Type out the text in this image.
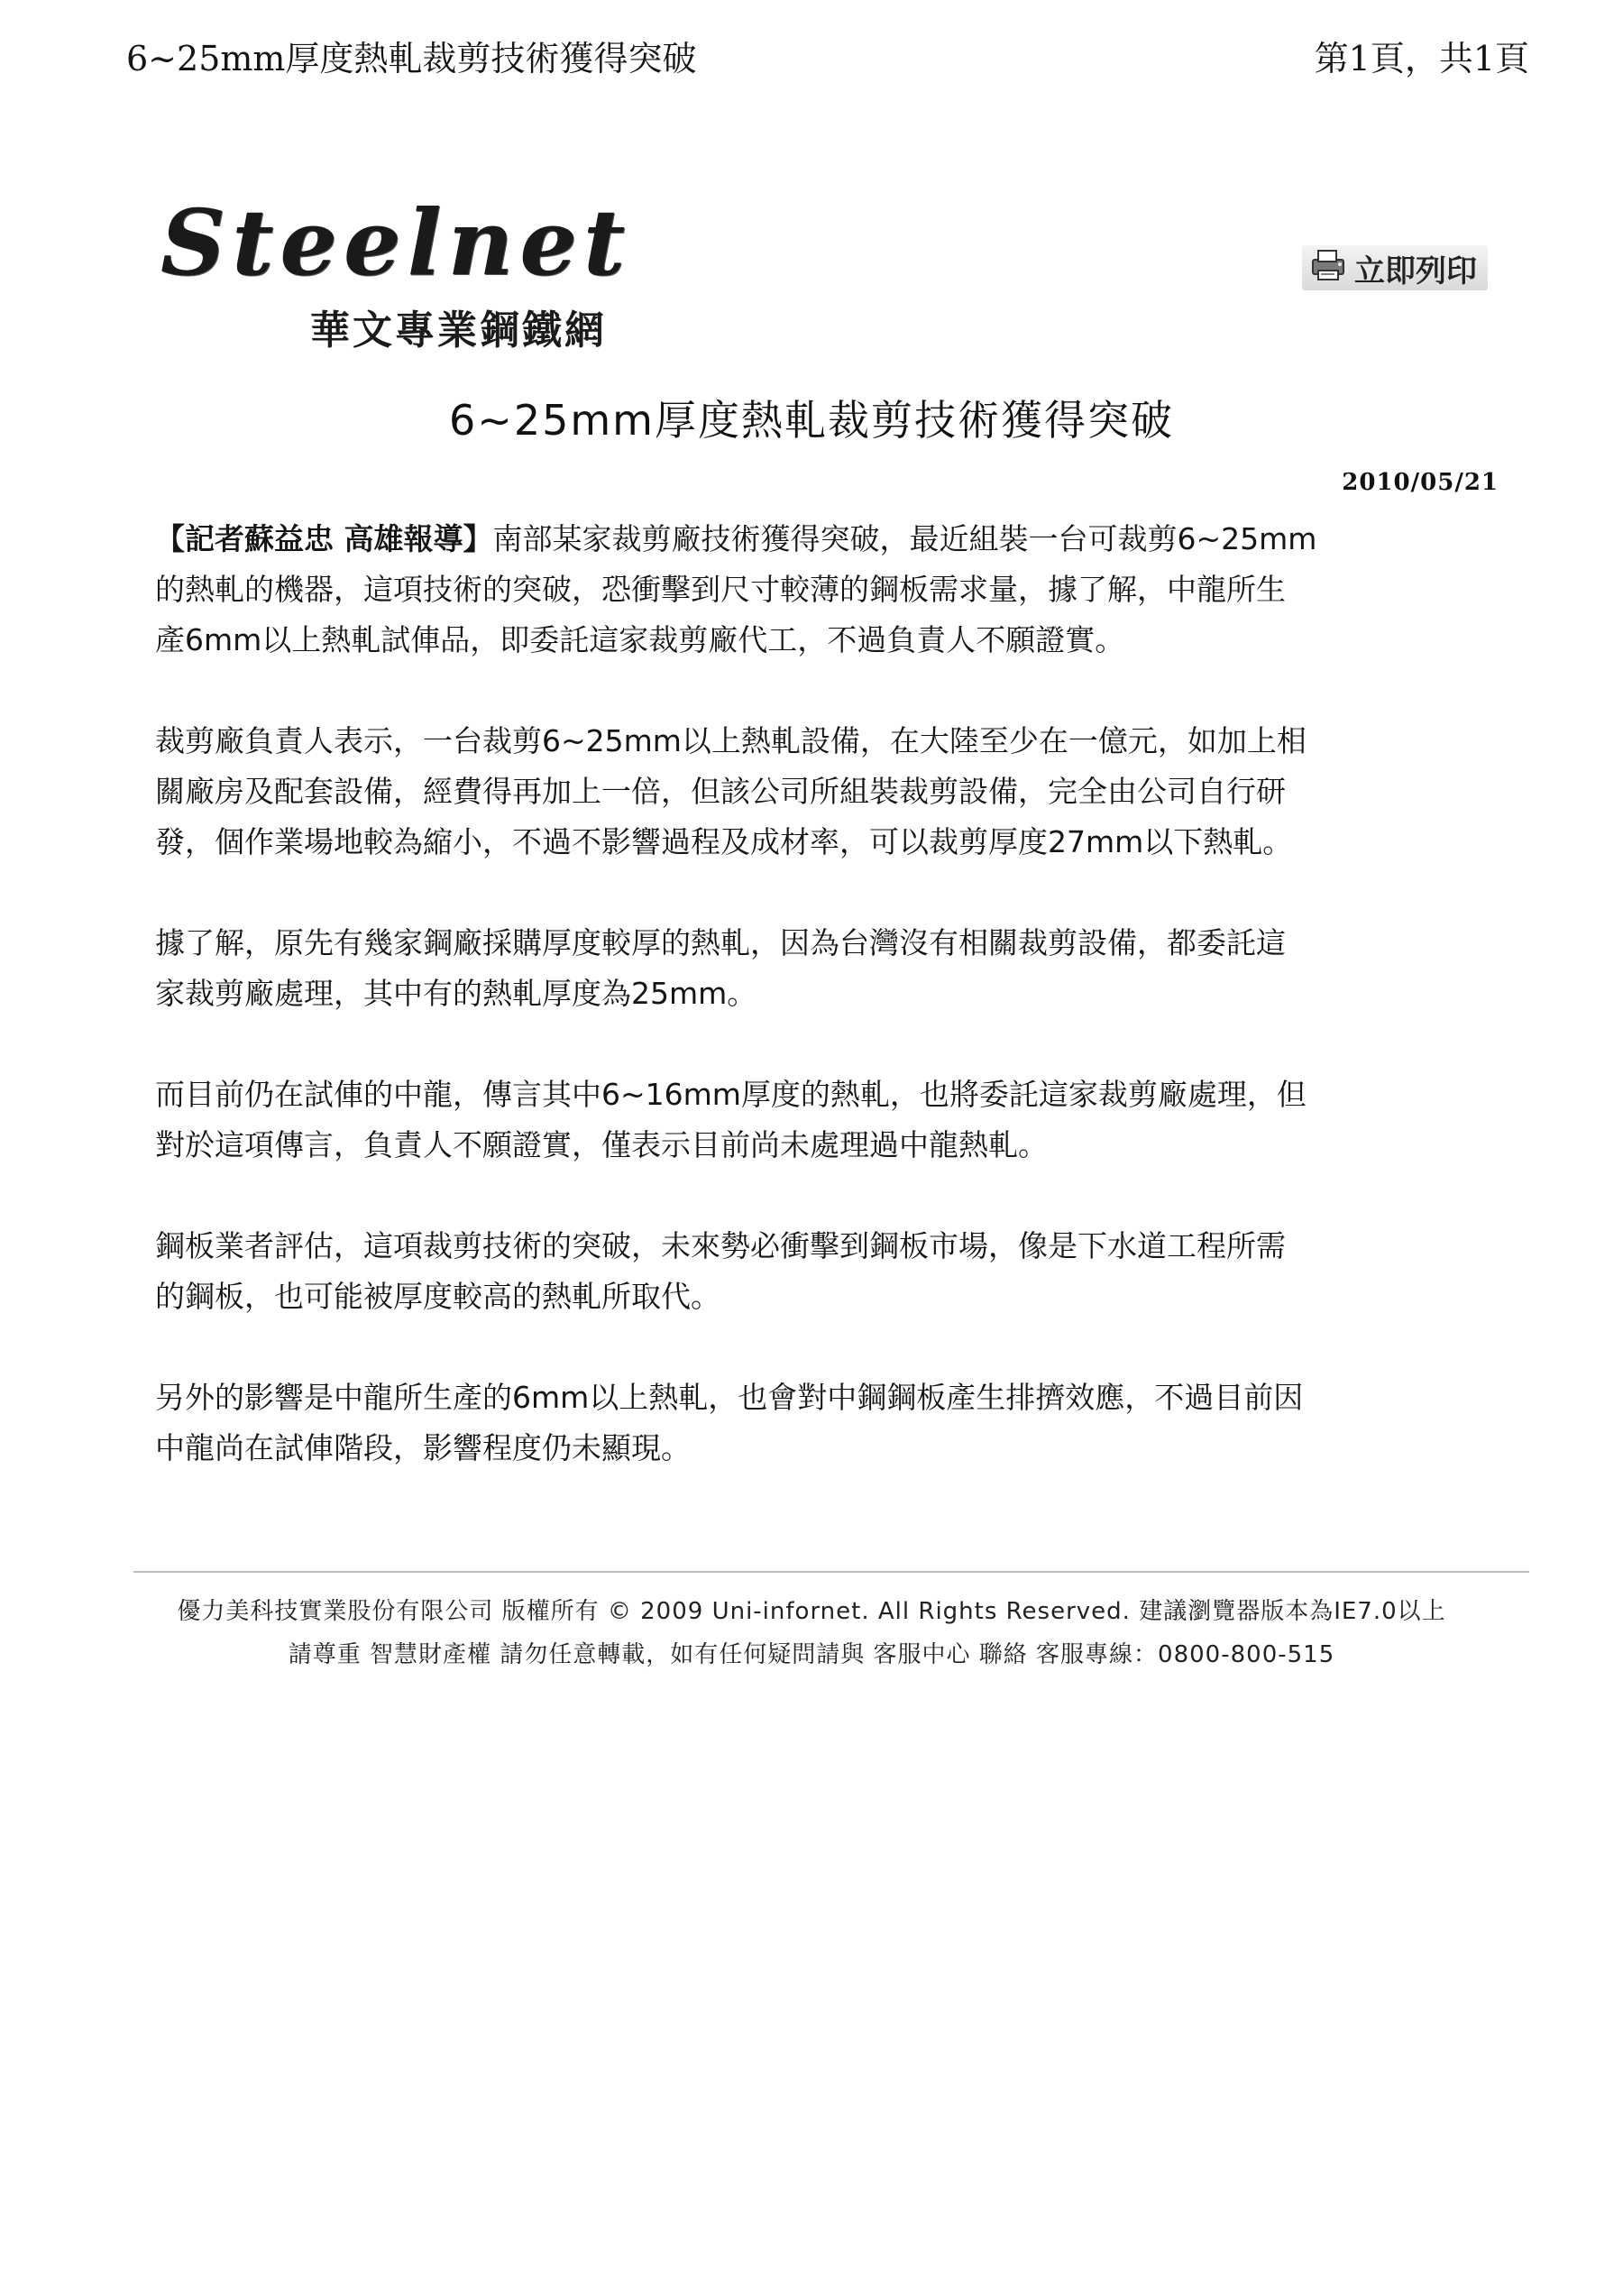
6~25mm厚度熱軋裁剪技術獲得突破	第1頁，共1頁
Steelnet
華文專業鋼鐵網
立即列印
6~25mm厚度熱軋裁剪技術獲得突破
2010/05/21
【記者蘇益忠 高雄報導】南部某家裁剪廠技術獲得突破，最近組裝一台可裁剪6~25mm
的熱軋的機器，這項技術的突破，恐衝擊到尺寸較薄的鋼板需求量，據了解，中龍所生
產6mm以上熱軋試俥品，即委託這家裁剪廠代工，不過負責人不願證實。
裁剪廠負責人表示，一台裁剪6~25mm以上熱軋設備，在大陸至少在一億元，如加上相
關廠房及配套設備，經費得再加上一倍，但該公司所組裝裁剪設備，完全由公司自行研
發，個作業場地較為縮小，不過不影響過程及成材率，可以裁剪厚度27mm以下熱軋。
據了解，原先有幾家鋼廠採購厚度較厚的熱軋，因為台灣沒有相關裁剪設備，都委託這
家裁剪廠處理，其中有的熱軋厚度為25mm。
而目前仍在試俥的中龍，傳言其中6~16mm厚度的熱軋，也將委託這家裁剪廠處理，但
對於這項傳言，負責人不願證實，僅表示目前尚未處理過中龍熱軋。
鋼板業者評估，這項裁剪技術的突破，未來勢必衝擊到鋼板市場，像是下水道工程所需
的鋼板，也可能被厚度較高的熱軋所取代。
另外的影響是中龍所生產的6mm以上熱軋，也會對中鋼鋼板產生排擠效應，不過目前因
中龍尚在試俥階段，影響程度仍未顯現。
優力美科技實業股份有限公司 版權所有 © 2009 Uni-infornet. All Rights Reserved. 建議瀏覽器版本為IE7.0以上
請尊重 智慧財產權 請勿任意轉載，如有任何疑問請與 客服中心 聯絡 客服專線：0800-800-515
